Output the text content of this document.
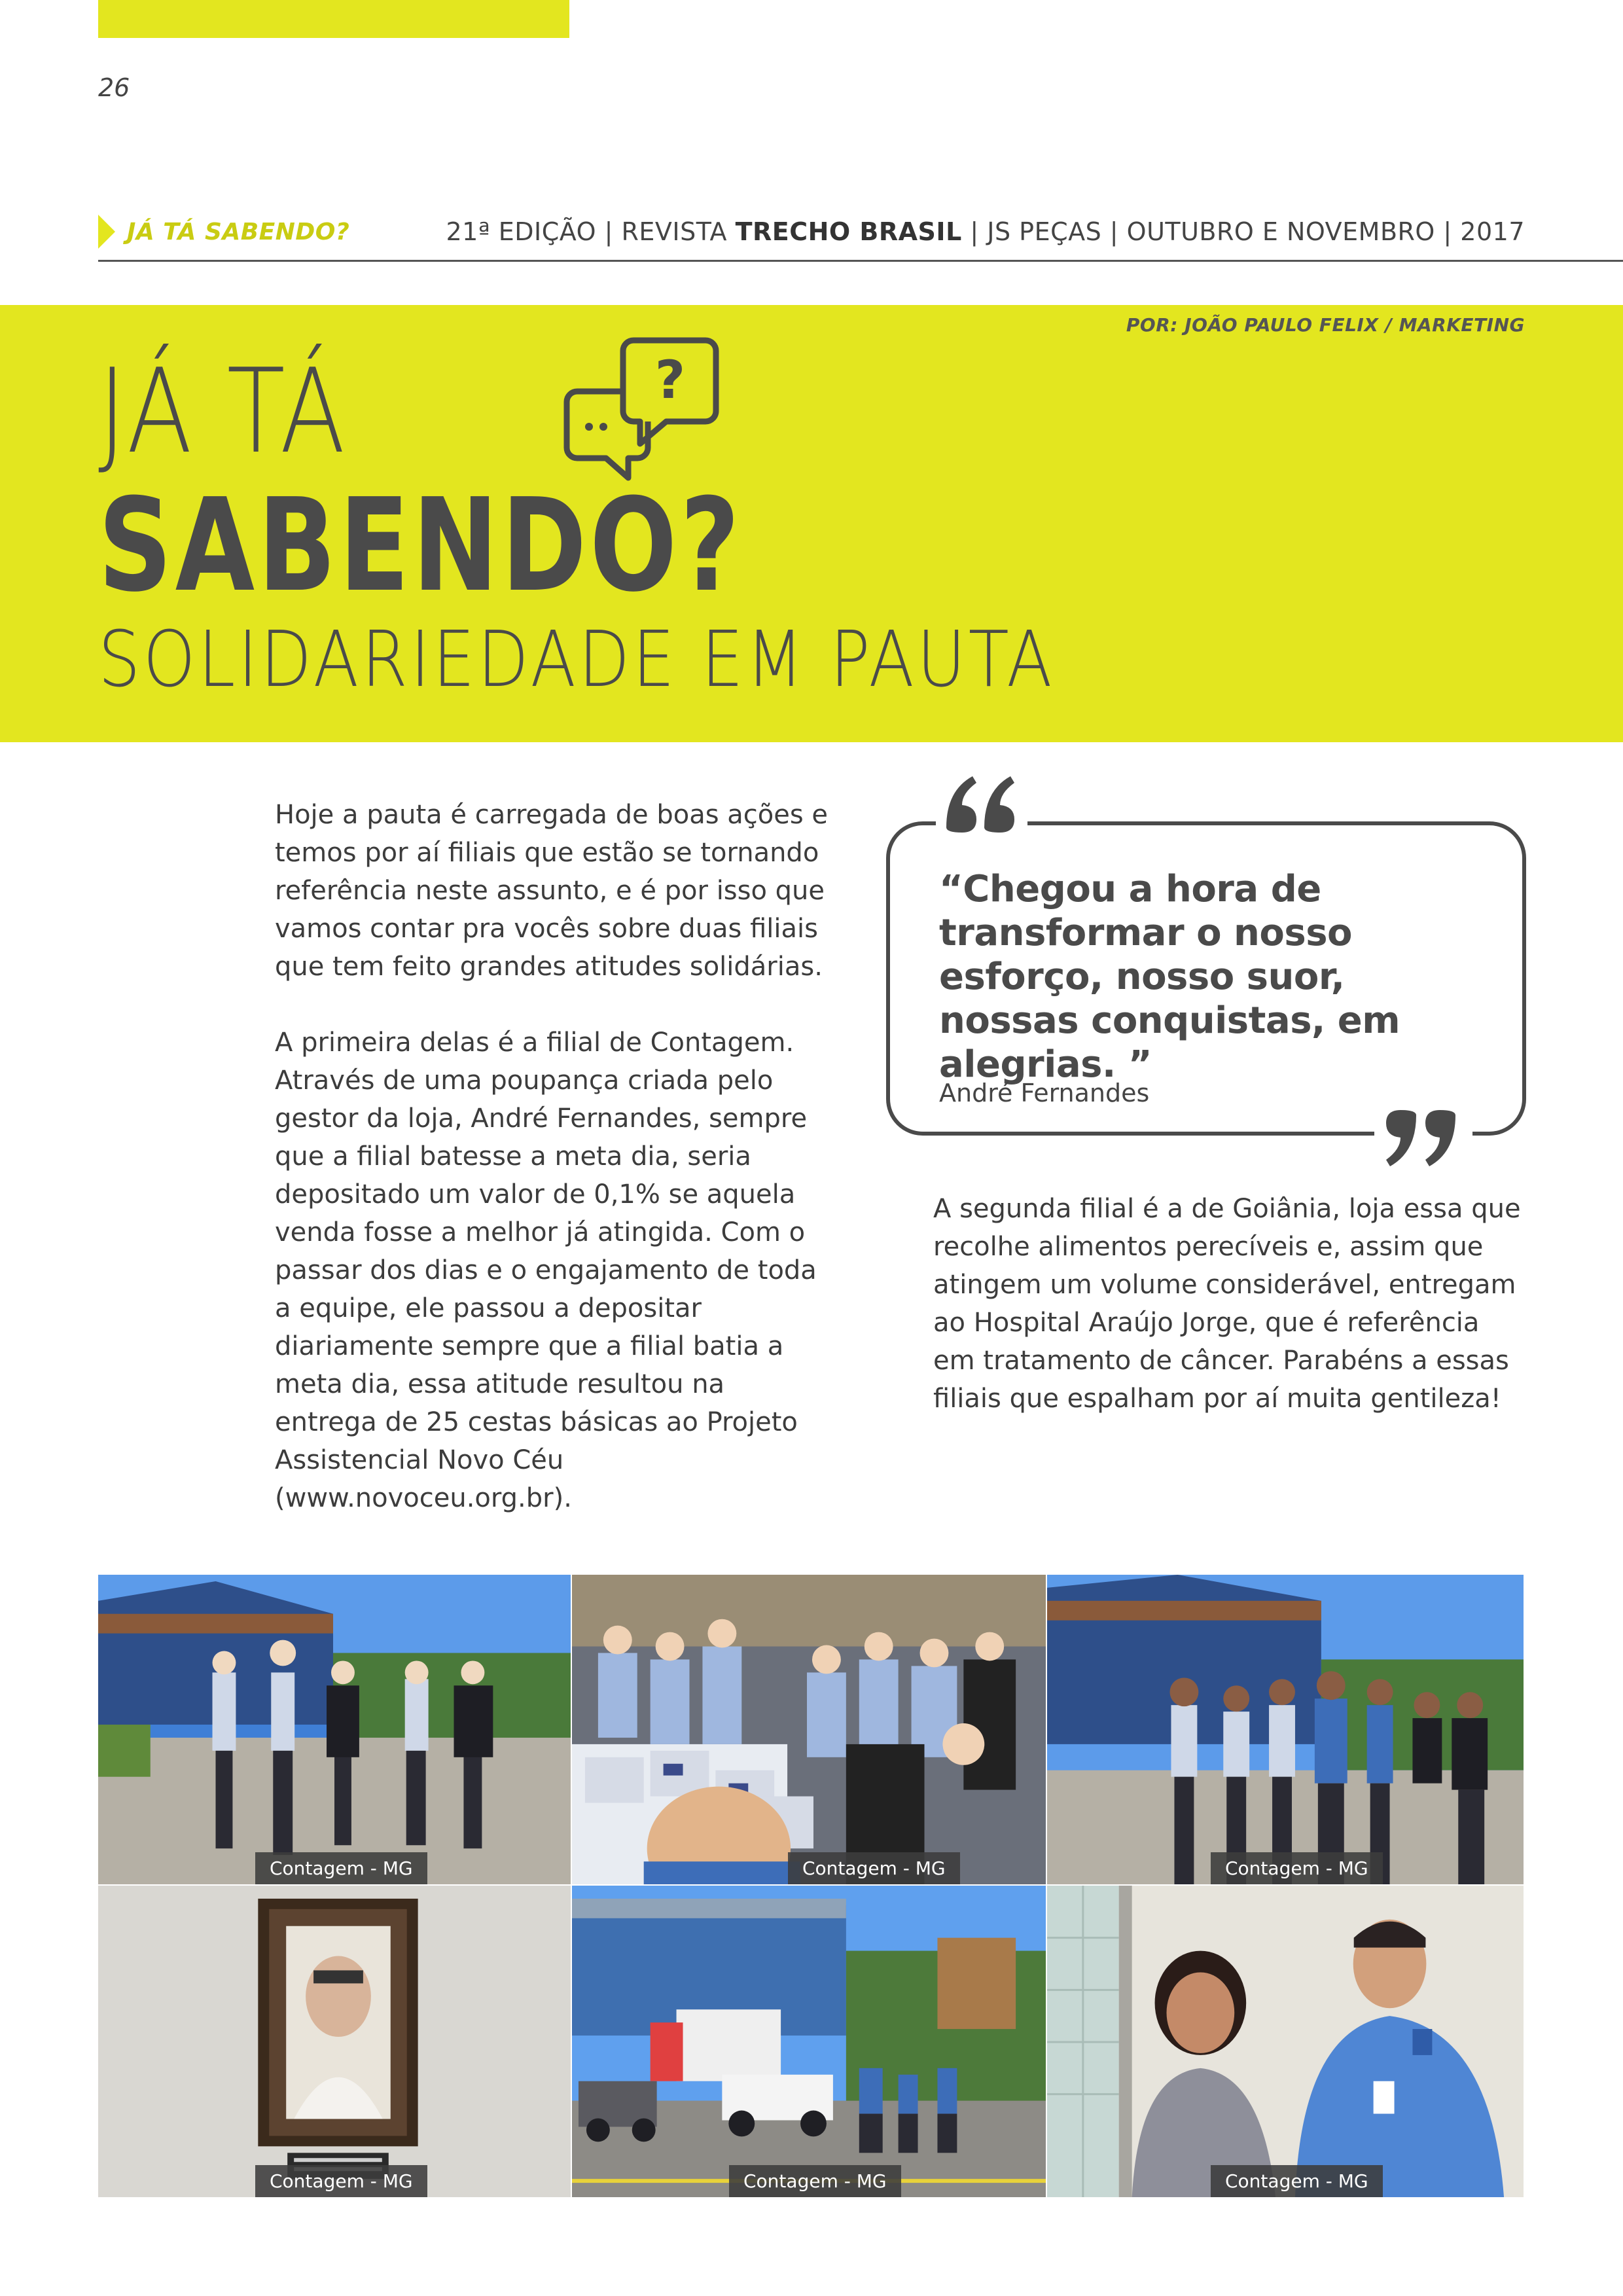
26
JÁ TÁ SABENDO?	21ª EDIÇÃO | REVISTA TRECHO BRASIL | JS PEÇAS | OUTUBRO E NOVEMBRO | 2017
POR: JOÃO PAULO FELIX / MARKETING
JÁ TÁ
SABENDO?
SOLIDARIEDADE EM PAUTA
?

Hoje a pauta é carregada de boas ações e temos por aí filiais que estão se tornando referência neste assunto, e é por isso que vamos contar pra vocês sobre duas filiais que tem feito grandes atitudes solidárias.

A primeira delas é a filial de Contagem. Através de uma poupança criada pelo gestor da loja, André Fernandes, sempre que a filial batesse a meta dia, seria depositado um valor de 0,1% se aquela venda fosse a melhor já atingida. Com o passar dos dias e o engajamento de toda a equipe, ele passou a depositar diariamente sempre que a filial batia a meta dia, essa atitude resultou na entrega de 25 cestas básicas ao Projeto Assistencial Novo Céu (www.novoceu.org.br).

“Chegou a hora de transformar o nosso esforço, nosso suor, nossas conquistas, em alegrias. ”
André Fernandes
A segunda filial é a de Goiânia, loja essa que recolhe alimentos perecíveis e, assim que atingem um volume considerável, entregam ao Hospital Araújo Jorge, que é referência em tratamento de câncer. Parabéns a essas filiais que espalham por aí muita gentileza!
Contagem - MG	Contagem - MG	Contagem - MG
Contagem - MG	Contagem - MG	Contagem - MG
